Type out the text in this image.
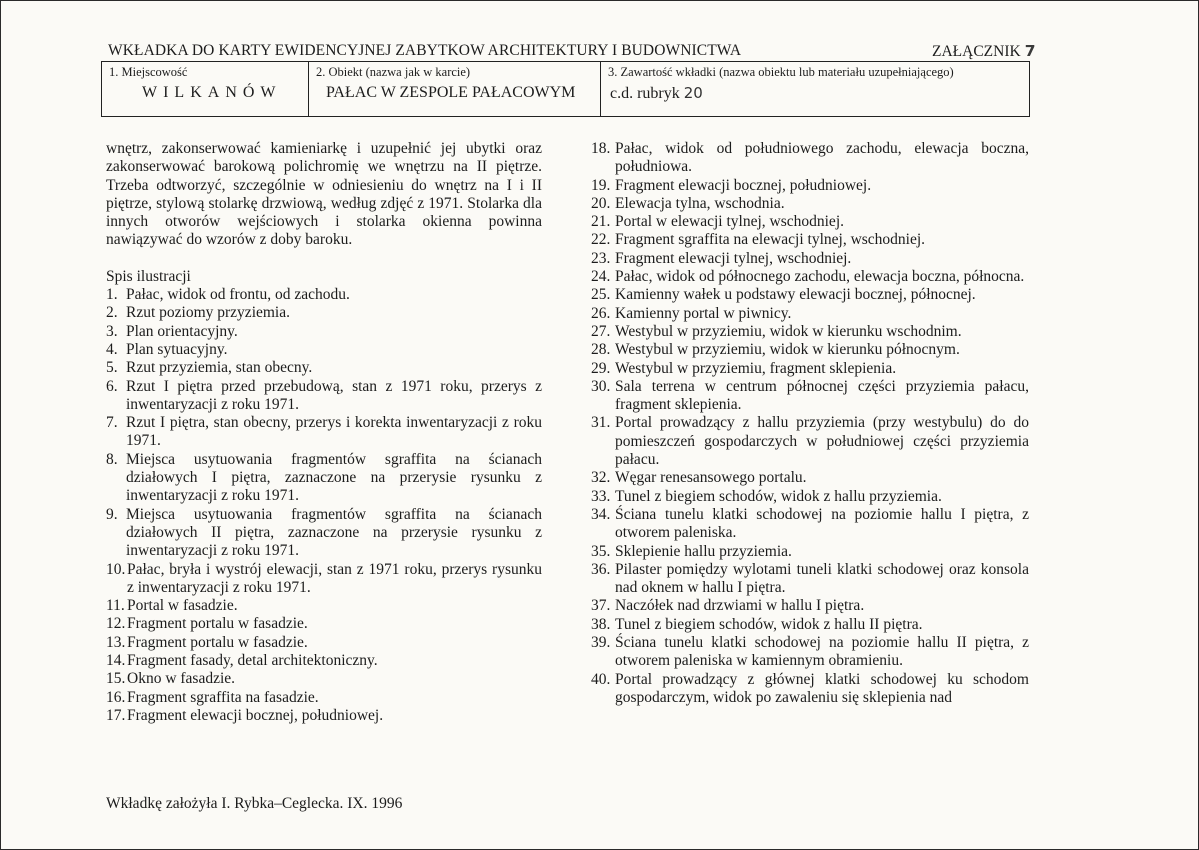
WKŁADKA DO KARTY EWIDENCYJNEJ ZABYTKOW ARCHITEKTURY I BUDOWNICTWA	ZAŁĄCZNIK 7
1. Miejscowość
WILKANÓW
2. Obiekt (nazwa jak w karcie)
PAŁAC W ZESPOLE PAŁACOWYM
3. Zawartość wkładki (nazwa obiektu lub materiału uzupełniającego)
c.d. rubryk 20

wnętrz, zakonserwować kamieniarkę i uzupełnić jej ubytki oraz zakonserwować barokową polichromię we wnętrzu na II piętrze. Trzeba odtworzyć, szczególnie w odniesieniu do wnętrz na I i II piętrze, stylową stolarkę drzwiową, według zdjęć z 1971. Stolarka dla innych otworów wejściowych i stolarka okienna powinna nawiązywać do wzorów z doby baroku.

Spis ilustracji
1. Pałac, widok od frontu, od zachodu.
2. Rzut poziomy przyziemia.
3. Plan orientacyjny.
4. Plan sytuacyjny.
5. Rzut przyziemia, stan obecny.
6. Rzut I piętra przed przebudową, stan z 1971 roku, przerys z inwentaryzacji z roku 1971.
7. Rzut I piętra, stan obecny, przerys i korekta inwentaryzacji z roku 1971.
8. Miejsca usytuowania fragmentów sgraffita na ścianach działowych I piętra, zaznaczone na przerysie rysunku z inwentaryzacji z roku 1971.
9. Miejsca usytuowania fragmentów sgraffita na ścianach działowych II piętra, zaznaczone na przerysie rysunku z inwentaryzacji z roku 1971.
10. Pałac, bryła i wystrój elewacji, stan z 1971 roku, przerys rysunku z inwentaryzacji z roku 1971.
11. Portal w fasadzie.
12. Fragment portalu w fasadzie.
13. Fragment portalu w fasadzie.
14. Fragment fasady, detal architektoniczny.
15. Okno w fasadzie.
16. Fragment sgraffita na fasadzie.
17. Fragment elewacji bocznej, południowej.
18. Pałac, widok od południowego zachodu, elewacja boczna, południowa.
19. Fragment elewacji bocznej, południowej.
20. Elewacja tylna, wschodnia.
21. Portal w elewacji tylnej, wschodniej.
22. Fragment sgraffita na elewacji tylnej, wschodniej.
23. Fragment elewacji tylnej, wschodniej.
24. Pałac, widok od północnego zachodu, elewacja boczna, północna.
25. Kamienny wałek u podstawy elewacji bocznej, północnej.
26. Kamienny portal w piwnicy.
27. Westybul w przyziemiu, widok w kierunku wschodnim.
28. Westybul w przyziemiu, widok w kierunku północnym.
29. Westybul w przyziemiu, fragment sklepienia.
30. Sala terrena w centrum północnej części przyziemia pałacu, fragment sklepienia.
31. Portal prowadzący z hallu przyziemia (przy westybulu) do do pomieszczeń gospodarczych w południowej części przyziemia pałacu.
32. Węgar renesansowego portalu.
33. Tunel z biegiem schodów, widok z hallu przyziemia.
34. Ściana tunelu klatki schodowej na poziomie hallu I piętra, z otworem paleniska.
35. Sklepienie hallu przyziemia.
36. Pilaster pomiędzy wylotami tuneli klatki schodowej oraz konsola nad oknem w hallu I piętra.
37. Naczółek nad drzwiami w hallu I piętra.
38. Tunel z biegiem schodów, widok z hallu II piętra.
39. Ściana tunelu klatki schodowej na poziomie hallu II piętra, z otworem paleniska w kamiennym obramieniu.
40. Portal prowadzący z głównej klatki schodowej ku schodom gospodarczym, widok po zawaleniu się sklepienia nad
Wkładkę założyła I. Rybka–Ceglecka. IX. 1996
